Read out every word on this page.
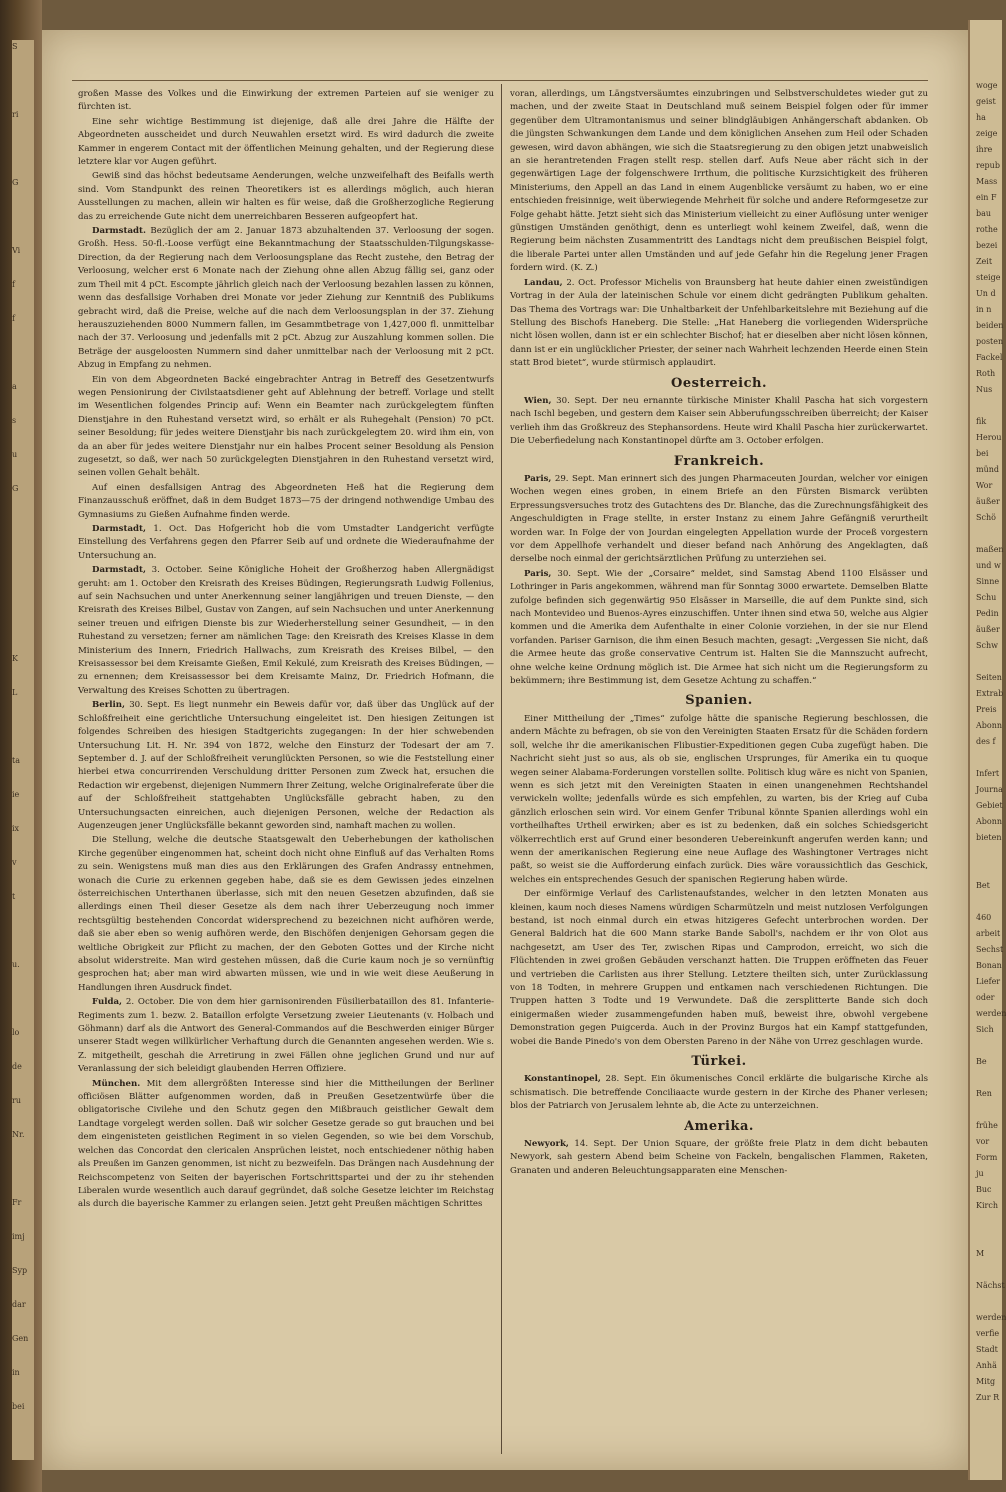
S

ri

G

Vi
f
f

a
s
u
G

K
L

ta
ie
ix
v
t

u.

lo
de
ru
Nr.

Fr
imj
Syp
dar
Gen
in
bei

großen Masse des Volkes und die Einwirkung der extremen Parteien auf sie weniger zu fürchten ist.

Eine sehr wichtige Bestimmung ist diejenige, daß alle drei Jahre die Hälfte der Abgeordneten ausscheidet und durch Neuwahlen ersetzt wird. Es wird dadurch die zweite Kammer in engerem Contact mit der öffentlichen Meinung gehalten, und der Regierung diese letztere klar vor Augen geführt.

Gewiß sind das höchst bedeutsame Aenderungen, welche unzweifelhaft des Beifalls werth sind. Vom Standpunkt des reinen Theoretikers ist es allerdings möglich, auch hieran Ausstellungen zu machen, allein wir halten es für weise, daß die Großherzogliche Regierung das zu erreichende Gute nicht dem unerreichbaren Besseren aufgeopfert hat.

Darmstadt. Bezüglich der am 2. Januar 1873 abzuhaltenden 37. Verloosung der sogen. Großh. Hess. 50-fl.-Loose verfügt eine Bekanntmachung der Staatsschulden-Tilgungskasse-Direction, da der Regierung nach dem Verloosungsplane das Recht zustehe, den Betrag der Verloosung, welcher erst 6 Monate nach der Ziehung ohne allen Abzug fällig sei, ganz oder zum Theil mit 4 pCt. Escompte jährlich gleich nach der Verloosung bezahlen lassen zu können, wenn das desfallsige Vorhaben drei Monate vor jeder Ziehung zur Kenntniß des Publikums gebracht wird, daß die Preise, welche auf die nach dem Verloosungsplan in der 37. Ziehung herauszuziehenden 8000 Nummern fallen, im Gesammtbetrage von 1,427,000 fl. unmittelbar nach der 37. Verloosung und jedenfalls mit 2 pCt. Abzug zur Auszahlung kommen sollen. Die Beträge der ausgeloosten Nummern sind daher unmittelbar nach der Verloosung mit 2 pCt. Abzug in Empfang zu nehmen.

Ein von dem Abgeordneten Backé eingebrachter Antrag in Betreff des Gesetzentwurfs wegen Pensionirung der Civilstaatsdiener geht auf Ablehnung der betreff. Vorlage und stellt im Wesentlichen folgendes Princip auf: Wenn ein Beamter nach zurückgelegtem fünften Dienstjahre in den Ruhestand versetzt wird, so erhält er als Ruhegehalt (Pension) 70 pCt. seiner Besoldung; für jedes weitere Dienstjahr bis nach zurückgelegtem 20. wird ihm ein, von da an aber für jedes weitere Dienstjahr nur ein halbes Procent seiner Besoldung als Pension zugesetzt, so daß, wer nach 50 zurückgelegten Dienstjahren in den Ruhestand versetzt wird, seinen vollen Gehalt behält.

Auf einen desfallsigen Antrag des Abgeordneten Heß hat die Regierung dem Finanzausschuß eröffnet, daß in dem Budget 1873—75 der dringend nothwendige Umbau des Gymnasiums zu Gießen Aufnahme finden werde.

Darmstadt, 1. Oct. Das Hofgericht hob die vom Umstadter Landgericht verfügte Einstellung des Verfahrens gegen den Pfarrer Seib auf und ordnete die Wiederaufnahme der Untersuchung an.

Darmstadt, 3. October. Seine Königliche Hoheit der Großherzog haben Allergnädigst geruht: am 1. October den Kreisrath des Kreises Büdingen, Regierungsrath Ludwig Follenius, auf sein Nachsuchen und unter Anerkennung seiner langjährigen und treuen Dienste, — den Kreisrath des Kreises Bilbel, Gustav von Zangen, auf sein Nachsuchen und unter Anerkennung seiner treuen und eifrigen Dienste bis zur Wiederherstellung seiner Gesundheit, — in den Ruhestand zu versetzen; ferner am nämlichen Tage: den Kreisrath des Kreises Klasse in dem Ministerium des Innern, Friedrich Hallwachs, zum Kreisrath des Kreises Bilbel, — den Kreisassessor bei dem Kreisamte Gießen, Emil Kekulé, zum Kreisrath des Kreises Büdingen, — zu ernennen; dem Kreisassessor bei dem Kreisamte Mainz, Dr. Friedrich Hofmann, die Verwaltung des Kreises Schotten zu übertragen.

Berlin, 30. Sept. Es liegt nunmehr ein Beweis dafür vor, daß über das Unglück auf der Schloßfreiheit eine gerichtliche Untersuchung eingeleitet ist. Den hiesigen Zeitungen ist folgendes Schreiben des hiesigen Stadtgerichts zugegangen: In der hier schwebenden Untersuchung Lit. H. Nr. 394 von 1872, welche den Einsturz der Todesart der am 7. September d. J. auf der Schloßfreiheit verunglückten Personen, so wie die Feststellung einer hierbei etwa concurrirenden Verschuldung dritter Personen zum Zweck hat, ersuchen die Redaction wir ergebenst, diejenigen Nummern Ihrer Zeitung, welche Originalreferate über die auf der Schloßfreiheit stattgehabten Unglücksfälle gebracht haben, zu den Untersuchungsacten einreichen, auch diejenigen Personen, welche der Redaction als Augenzeugen jener Unglücksfälle bekannt geworden sind, namhaft machen zu wollen.

Die Stellung, welche die deutsche Staatsgewalt den Ueberhebungen der katholischen Kirche gegenüber eingenommen hat, scheint doch nicht ohne Einfluß auf das Verhalten Roms zu sein. Wenigstens muß man dies aus den Erklärungen des Grafen Andrassy entnehmen, wonach die Curie zu erkennen gegeben habe, daß sie es dem Gewissen jedes einzelnen österreichischen Unterthanen überlasse, sich mit den neuen Gesetzen abzufinden, daß sie allerdings einen Theil dieser Gesetze als dem nach ihrer Ueberzeugung noch immer rechtsgültig bestehenden Concordat widersprechend zu bezeichnen nicht aufhören werde, daß sie aber eben so wenig aufhören werde, den Bischöfen denjenigen Gehorsam gegen die weltliche Obrigkeit zur Pflicht zu machen, der den Geboten Gottes und der Kirche nicht absolut widerstreite. Man wird gestehen müssen, daß die Curie kaum noch je so vernünftig gesprochen hat; aber man wird abwarten müssen, wie und in wie weit diese Aeußerung in Handlungen ihren Ausdruck findet.

Fulda, 2. October. Die von dem hier garnisonirenden Füsilierbataillon des 81. Infanterie-Regiments zum 1. bezw. 2. Bataillon erfolgte Versetzung zweier Lieutenants (v. Holbach und Göhmann) darf als die Antwort des General-Commandos auf die Beschwerden einiger Bürger unserer Stadt wegen willkürlicher Verhaftung durch die Genannten angesehen werden. Wie s. Z. mitgetheilt, geschah die Arretirung in zwei Fällen ohne jeglichen Grund und nur auf Veranlassung der sich beleidigt glaubenden Herren Offiziere.

München. Mit dem allergrößten Interesse sind hier die Mittheilungen der Berliner officiösen Blätter aufgenommen worden, daß in Preußen Gesetzentwürfe über die obligatorische Civilehe und den Schutz gegen den Mißbrauch geistlicher Gewalt dem Landtage vorgelegt werden sollen. Daß wir solcher Gesetze gerade so gut brauchen und bei dem eingenisteten geistlichen Regiment in so vielen Gegenden, so wie bei dem Vorschub, welchen das Concordat den clericalen Ansprüchen leistet, noch entschiedener nöthig haben als Preußen im Ganzen genommen, ist nicht zu bezweifeln. Das Drängen nach Ausdehnung der Reichscompetenz von Seiten der bayerischen Fortschrittspartei und der zu ihr stehenden Liberalen wurde wesentlich auch darauf gegründet, daß solche Gesetze leichter im Reichstag als durch die bayerische Kammer zu erlangen seien. Jetzt geht Preußen mächtigen Schrittes

voran, allerdings, um Längstversäumtes einzubringen und Selbstverschuldetes wieder gut zu machen, und der zweite Staat in Deutschland muß seinem Beispiel folgen oder für immer gegenüber dem Ultramontanismus und seiner blindgläubigen Anhängerschaft abdanken. Ob die jüngsten Schwankungen dem Lande und dem königlichen Ansehen zum Heil oder Schaden gewesen, wird davon abhängen, wie sich die Staatsregierung zu den obigen jetzt unabweislich an sie herantretenden Fragen stellt resp. stellen darf. Aufs Neue aber rächt sich in der gegenwärtigen Lage der folgenschwere Irrthum, die politische Kurzsichtigkeit des früheren Ministeriums, den Appell an das Land in einem Augenblicke versäumt zu haben, wo er eine entschieden freisinnige, weit überwiegende Mehrheit für solche und andere Reformgesetze zur Folge gehabt hätte. Jetzt sieht sich das Ministerium vielleicht zu einer Auflösung unter weniger günstigen Umständen genöthigt, denn es unterliegt wohl keinem Zweifel, daß, wenn die Regierung beim nächsten Zusammentritt des Landtags nicht dem preußischen Beispiel folgt, die liberale Partei unter allen Umständen und auf jede Gefahr hin die Regelung jener Fragen fordern wird. (K. Z.)

Landau, 2. Oct. Professor Michelis von Braunsberg hat heute dahier einen zweistündigen Vortrag in der Aula der lateinischen Schule vor einem dicht gedrängten Publikum gehalten. Das Thema des Vortrags war: Die Unhaltbarkeit der Unfehlbarkeitslehre mit Beziehung auf die Stellung des Bischofs Haneberg. Die Stelle: „Hat Haneberg die vorliegenden Widersprüche nicht lösen wollen, dann ist er ein schlechter Bischof; hat er dieselben aber nicht lösen können, dann ist er ein unglücklicher Priester, der seiner nach Wahrheit lechzenden Heerde einen Stein statt Brod bietet“, wurde stürmisch applaudirt.

Oesterreich.

Wien, 30. Sept. Der neu ernannte türkische Minister Khalil Pascha hat sich vorgestern nach Ischl begeben, und gestern dem Kaiser sein Abberufungsschreiben überreicht; der Kaiser verlieh ihm das Großkreuz des Stephansordens. Heute wird Khalil Pascha hier zurückerwartet. Die Ueberfiedelung nach Konstantinopel dürfte am 3. October erfolgen.

Frankreich.

Paris, 29. Sept. Man erinnert sich des jungen Pharmaceuten Jourdan, welcher vor einigen Wochen wegen eines groben, in einem Briefe an den Fürsten Bismarck verübten Erpressungsversuches trotz des Gutachtens des Dr. Blanche, das die Zurechnungsfähigkeit des Angeschuldigten in Frage stellte, in erster Instanz zu einem Jahre Gefängniß verurtheilt worden war. In Folge der von Jourdan eingelegten Appellation wurde der Proceß vorgestern vor dem Appellhofe verhandelt und dieser befand nach Anhörung des Angeklagten, daß derselbe noch einmal der gerichtsärztlichen Prüfung zu unterziehen sei.

Paris, 30. Sept. Wie der „Corsaire“ meldet, sind Samstag Abend 1100 Elsässer und Lothringer in Paris angekommen, während man für Sonntag 3000 erwartete. Demselben Blatte zufolge befinden sich gegenwärtig 950 Elsässer in Marseille, die auf dem Punkte sind, sich nach Montevideo und Buenos-Ayres einzuschiffen. Unter ihnen sind etwa 50, welche aus Algier kommen und die Amerika dem Aufenthalte in einer Colonie vorziehen, in der sie nur Elend vorfanden. Pariser Garnison, die ihm einen Besuch machten, gesagt: „Vergessen Sie nicht, daß die Armee heute das große conservative Centrum ist. Halten Sie die Mannszucht aufrecht, ohne welche keine Ordnung möglich ist. Die Armee hat sich nicht um die Regierungsform zu bekümmern; ihre Bestimmung ist, dem Gesetze Achtung zu schaffen.“

Spanien.

Einer Mittheilung der „Times“ zufolge hätte die spanische Regierung beschlossen, die andern Mächte zu befragen, ob sie von den Vereinigten Staaten Ersatz für die Schäden fordern soll, welche ihr die amerikanischen Flibustier-Expeditionen gegen Cuba zugefügt haben. Die Nachricht sieht just so aus, als ob sie, englischen Ursprunges, für Amerika ein tu quoque wegen seiner Alabama-Forderungen vorstellen sollte. Politisch klug wäre es nicht von Spanien, wenn es sich jetzt mit den Vereinigten Staaten in einen unangenehmen Rechtshandel verwickeln wollte; jedenfalls würde es sich empfehlen, zu warten, bis der Krieg auf Cuba gänzlich erloschen sein wird. Vor einem Genfer Tribunal könnte Spanien allerdings wohl ein vortheilhaftes Urtheil erwirken; aber es ist zu bedenken, daß ein solches Schiedsgericht völkerrechtlich erst auf Grund einer besonderen Uebereinkunft angerufen werden kann; und wenn der amerikanischen Regierung eine neue Auflage des Washingtoner Vertrages nicht paßt, so weist sie die Aufforderung einfach zurück. Dies wäre voraussichtlich das Geschick, welches ein entsprechendes Gesuch der spanischen Regierung haben würde.

Der einförmige Verlauf des Carlistenaufstandes, welcher in den letzten Monaten aus kleinen, kaum noch dieses Namens würdigen Scharmützeln und meist nutzlosen Verfolgungen bestand, ist noch einmal durch ein etwas hitzigeres Gefecht unterbrochen worden. Der General Baldrich hat die 600 Mann starke Bande Saboll's, nachdem er ihr von Olot aus nachgesetzt, am User des Ter, zwischen Ripas und Camprodon, erreicht, wo sich die Flüchtenden in zwei großen Gebäuden verschanzt hatten. Die Truppen eröffneten das Feuer und vertrieben die Carlisten aus ihrer Stellung. Letztere theilten sich, unter Zurücklassung von 18 Todten, in mehrere Gruppen und entkamen nach verschiedenen Richtungen. Die Truppen hatten 3 Todte und 19 Verwundete. Daß die zersplitterte Bande sich doch einigermaßen wieder zusammengefunden haben muß, beweist ihre, obwohl vergebene Demonstration gegen Puigcerda. Auch in der Provinz Burgos hat ein Kampf stattgefunden, wobei die Bande Pinedo's von dem Obersten Pareno in der Nähe von Urrez geschlagen wurde.

Türkei.

Konstantinopel, 28. Sept. Ein ökumenisches Concil erklärte die bulgarische Kirche als schismatisch. Die betreffende Conciliaacte wurde gestern in der Kirche des Phaner verlesen; blos der Patriarch von Jerusalem lehnte ab, die Acte zu unterzeichnen.

Amerika.

Newyork, 14. Sept. Der Union Square, der größte freie Platz in dem dicht bebauten Newyork, sah gestern Abend beim Scheine von Fackeln, bengalischen Flammen, Raketen, Granaten und anderen Beleuchtungsapparaten eine Menschen-

woge
geist
ha
zeige
ihre
repub
Mass
ein F
bau
rothe
bezei
Zeit
steige
Un d
in n
beiden
posten
Fackel
Roth
Nus

fik
Herou
bei
münd
Wor
äußer
Schö

maßen
und w
Sinne
Schu
Pedin
äußer
Schw

Seiten
Extrab
Preis
Abonn
des f

Infert
Journa
Gebiet
Abonn
bieten

Bet

460
arbeit
Sechst
Bonan
Liefer
oder
werden
Sich

Be

Ren

frühe
vor
Form
ju
Buc
Kirch

M

Nächst

werden
verfie
Stadt
Anhä
Mitg
Zur R
